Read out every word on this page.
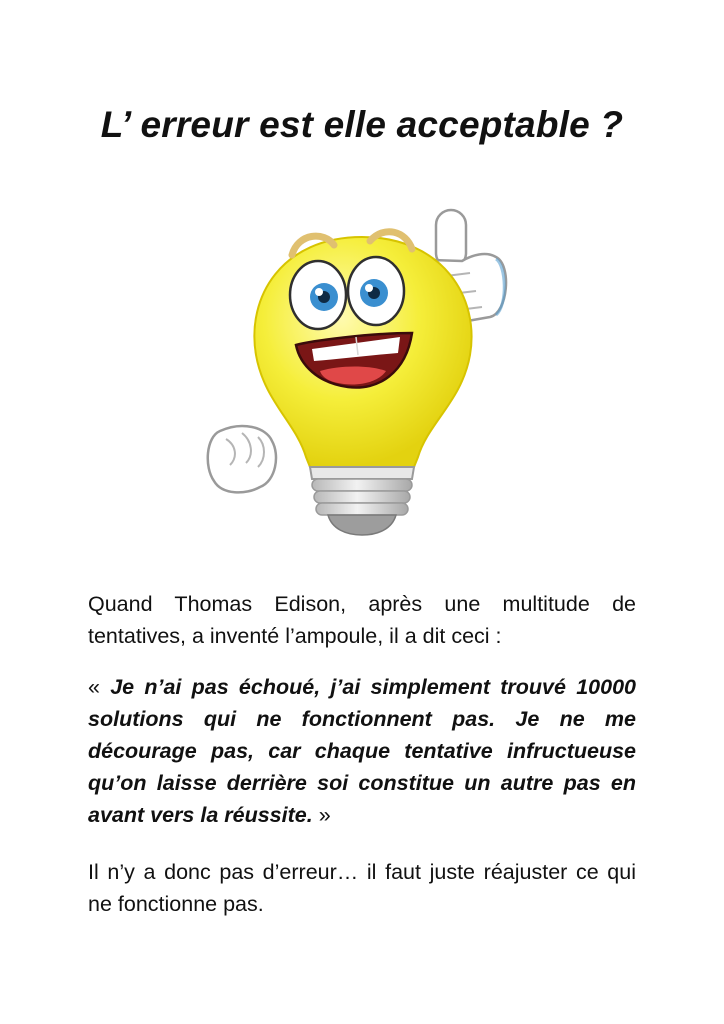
L’ erreur est elle acceptable ?

Quand Thomas Edison, après une multitude de tentatives, a inventé l’ampoule, il a dit ceci :

« Je n’ai pas échoué, j’ai simplement trouvé 10000 solutions qui ne fonctionnent pas. Je ne me décourage pas, car chaque tentative infructueuse qu’on laisse derrière soi constitue un autre pas en avant vers la réussite. »

Il n’y a donc pas d’erreur… il faut juste réajuster ce qui ne fonctionne pas.
